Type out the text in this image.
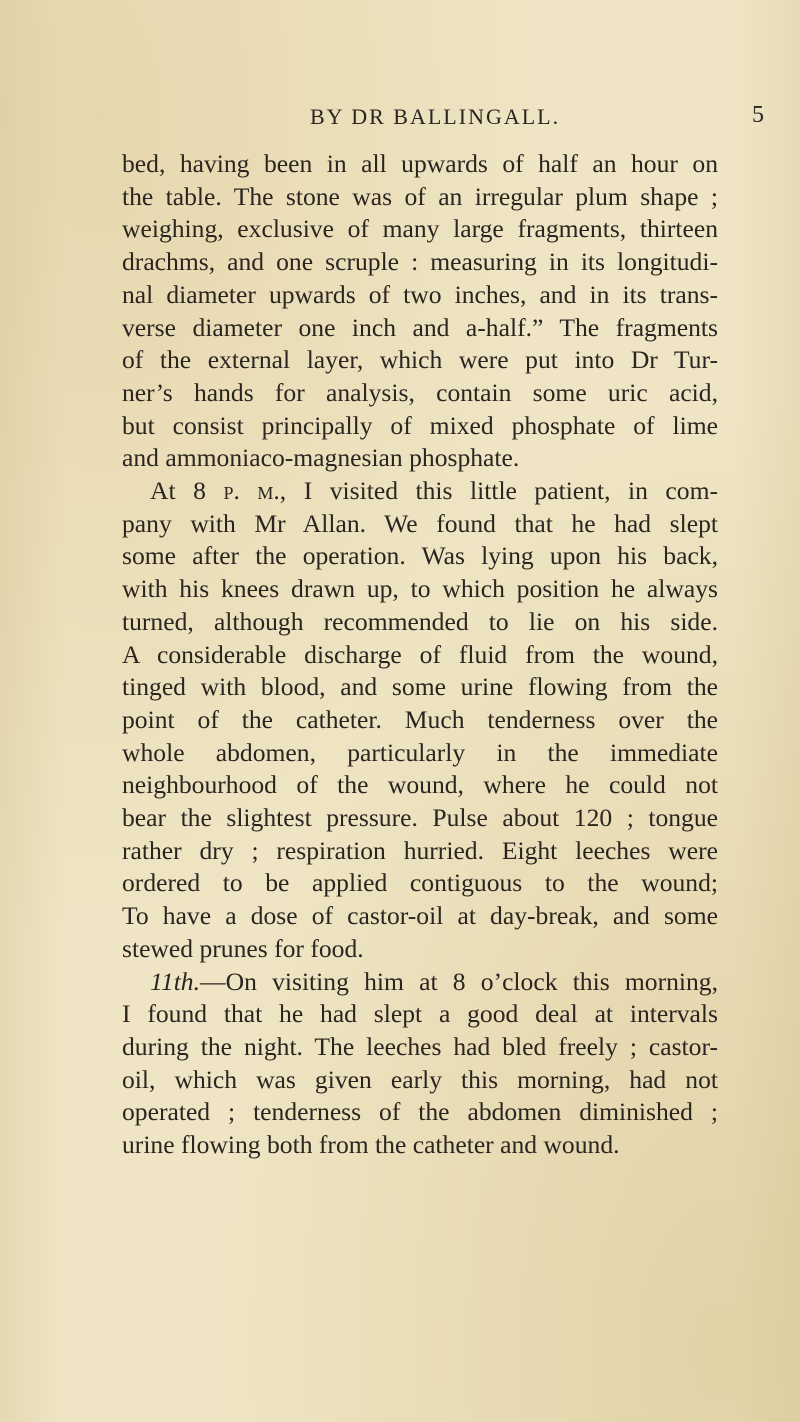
BY DR BALLINGALL.	5

bed, having been in all upwards of half an hour on

the table. The stone was of an irregular plum shape ;

weighing, exclusive of many large fragments, thirteen

drachms, and one scruple : measuring in its longitudi-

nal diameter upwards of two inches, and in its trans-

verse diameter one inch and a-half.” The fragments

of the external layer, which were put into Dr Tur-

ner’s hands for analysis, contain some uric acid,

but consist principally of mixed phosphate of lime

and ammoniaco-magnesian phosphate.

At 8 p. m., I visited this little patient, in com-

pany with Mr Allan. We found that he had slept

some after the operation. Was lying upon his back,

with his knees drawn up, to which position he always

turned, although recommended to lie on his side.

A considerable discharge of fluid from the wound,

tinged with blood, and some urine flowing from the

point of the catheter. Much tenderness over the

whole abdomen, particularly in the immediate

neighbourhood of the wound, where he could not

bear the slightest pressure. Pulse about 120 ; tongue

rather dry ; respiration hurried. Eight leeches were

ordered to be applied contiguous to the wound;

To have a dose of castor-oil at day-break, and some

stewed prunes for food.

11th.—On visiting him at 8 o’clock this morning,

I found that he had slept a good deal at intervals

during the night. The leeches had bled freely ; castor-

oil, which was given early this morning, had not

operated ; tenderness of the abdomen diminished ;

urine flowing both from the catheter and wound.
